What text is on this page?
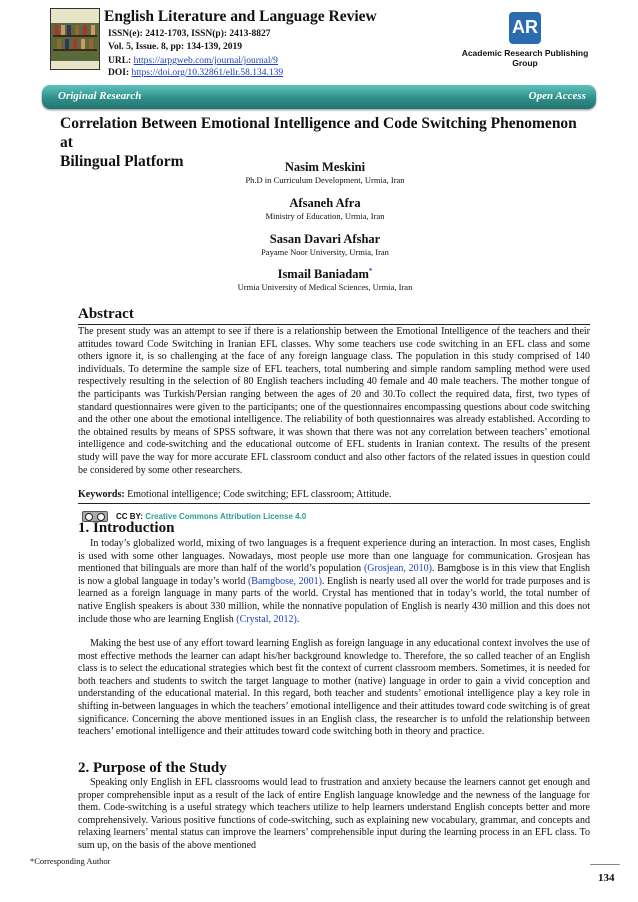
English Literature and Language Review
ISSN(e): 2412-1703, ISSN(p): 2413-8827
Vol. 5, Issue. 8, pp: 134-139, 2019
URL: https://arpgweb.com/journal/journal/9
DOI: https://doi.org/10.32861/ellr.58.134.139
AR
Academic Research Publishing
Group
Original Research	Open Access
Correlation Between Emotional Intelligence and Code Switching Phenomenon at
Bilingual Platform	Nasim Meskini
Ph.D in Curriculum Development, Urmia, Iran
Afsaneh Afra
Ministry of Education, Urmia, Iran
Sasan Davari Afshar
Payame Noor University, Urmia, Iran
Ismail Baniadam*
Urmia University of Medical Sciences, Urmia, Iran
Abstract
The present study was an attempt to see if there is a relationship between the Emotional Intelligence of the teachers and their attitudes toward Code Switching in Iranian EFL classes. Why some teachers use code switching in an EFL class and some others ignore it, is so challenging at the face of any foreign language class. The population in this study comprised of 140 individuals. To determine the sample size of EFL teachers, total numbering and simple random sampling method were used respectively resulting in the selection of 80 English teachers including 40 female and 40 male teachers. The mother tongue of the participants was Turkish/Persian ranging between the ages of 20 and 30.To collect the required data, first, two types of standard questionnaires were given to the participants; one of the questionnaires encompassing questions about code switching and the other one about the emotional intelligence. The reliability of both questionnaires was already established. According to the obtained results by means of SPSS software, it was shown that there was not any correlation between teachers’ emotional intelligence and code-switching and the educational outcome of EFL students in Iranian context. The results of the present study will pave the way for more accurate EFL classroom conduct and also other factors of the related issues in question could be considered by some other researchers.
Keywords: Emotional intelligence; Code switching; EFL classroom; Attitude.
CC BY: Creative Commons Attribution License 4.0
1. Introduction
In today’s globalized world, mixing of two languages is a frequent experience during an interaction. In most cases, English is used with some other languages. Nowadays, most people use more than one language for communication. Grosjean has mentioned that bilinguals are more than half of the world’s population (Grosjean, 2010). Bamgbose is in this view that English is now a global language in today’s world (Bamgbose, 2001). English is nearly used all over the world for trade purposes and is learned as a foreign language in many parts of the world. Crystal has mentioned that in today’s world, the total number of native English speakers is about 330 million, while the nonnative population of English is nearly 430 million and this does not include those who are learning English (Crystal, 2012).
Making the best use of any effort toward learning English as foreign language in any educational context involves the use of most effective methods the learner can adapt his/her background knowledge to. Therefore, the so called teacher of an English class is to select the educational strategies which best fit the context of current classroom members. Sometimes, it is needed for both teachers and students to switch the target language to mother (native) language in order to gain a vivid conception and understanding of the educational material. In this regard, both teacher and students’ emotional intelligence play a key role in shifting in-between languages in which the teachers’ emotional intelligence and their attitudes toward code switching is of great significance. Concerning the above mentioned issues in an English class, the researcher is to unfold the relationship between teachers’ emotional intelligence and their attitudes toward code switching both in theory and practice.
2. Purpose of the Study
Speaking only English in EFL classrooms would lead to frustration and anxiety because the learners cannot get enough and proper comprehensible input as a result of the lack of entire English language knowledge and the newness of the language for them. Code-switching is a useful strategy which teachers utilize to help learners understand English concepts better and more comprehensively. Various positive functions of code-switching, such as explaining new vocabulary, grammar, and concepts and relaxing learners’ mental status can improve the learners’ comprehensible input during the learning process in an EFL class. To sum up, on the basis of the above mentioned
*Corresponding Author
134
